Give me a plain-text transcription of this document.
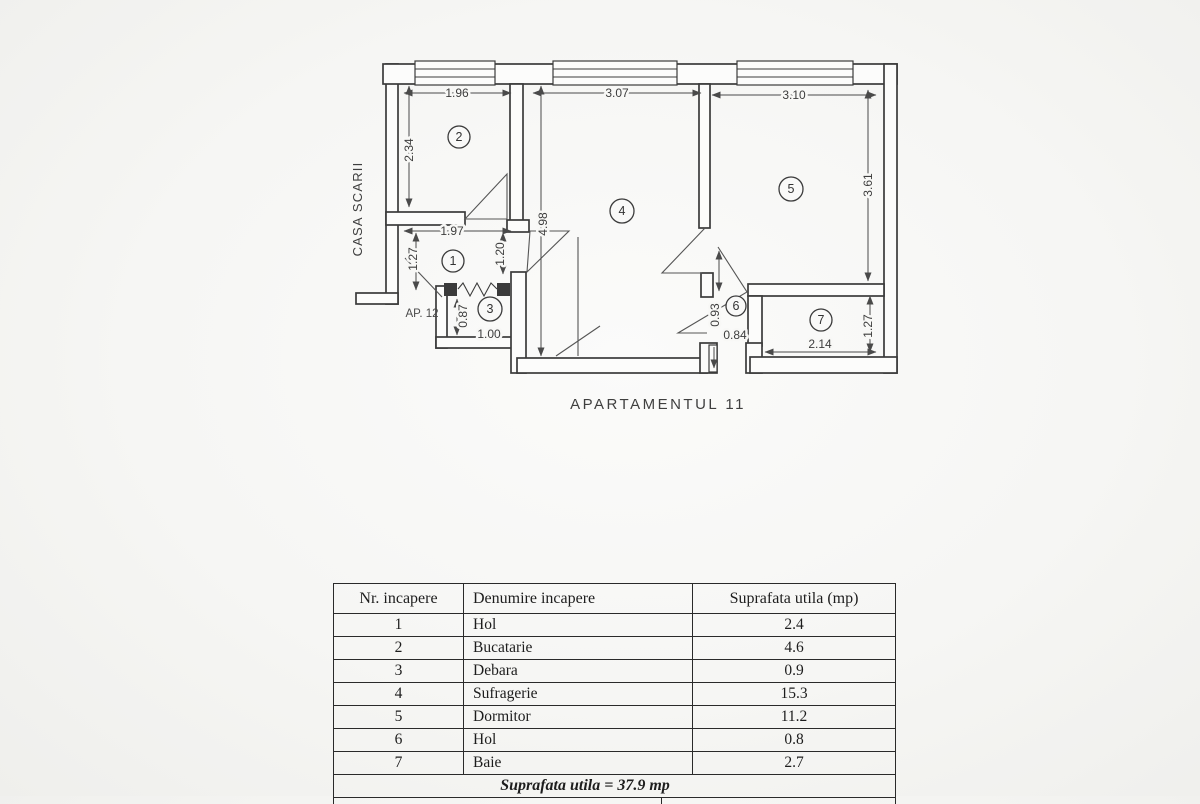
1.96	3.07	3.10
2.34
3.61
4.98
1.97
1.27	1.20
0.87
1.00
0.93
0.84	1.27
2.14
1
2
3
4
5
6
7
CASA SCARII
AP. 12
APARTAMENTUL 11
Nr. incapere	Denumire incapere	Suprafata utila (mp)
1	Hol	2.4
2	Bucatarie	4.6
3	Debara	0.9
4	Sufragerie	15.3
5	Dormitor	11.2
6	Hol	0.8
7	Baie	2.7
Suprafata utila = 37.9 mp		
